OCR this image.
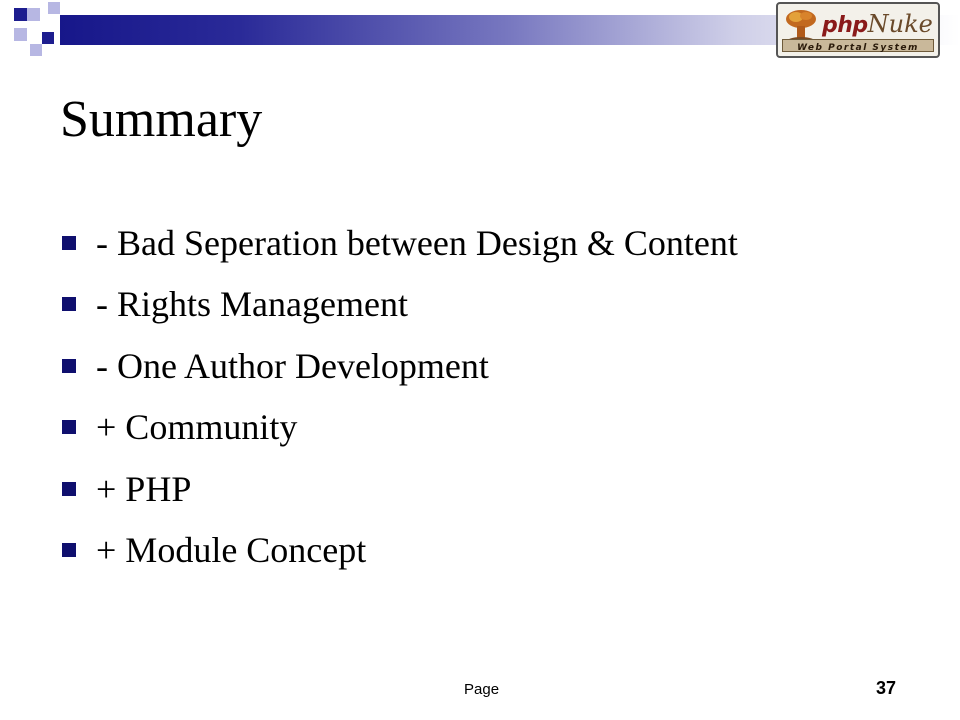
phpNuke
Web Portal System
Summary
- Bad Seperation between Design & Content
- Rights Management
- One Author Development
+ Community
+ PHP
+ Module Concept
Page	37
